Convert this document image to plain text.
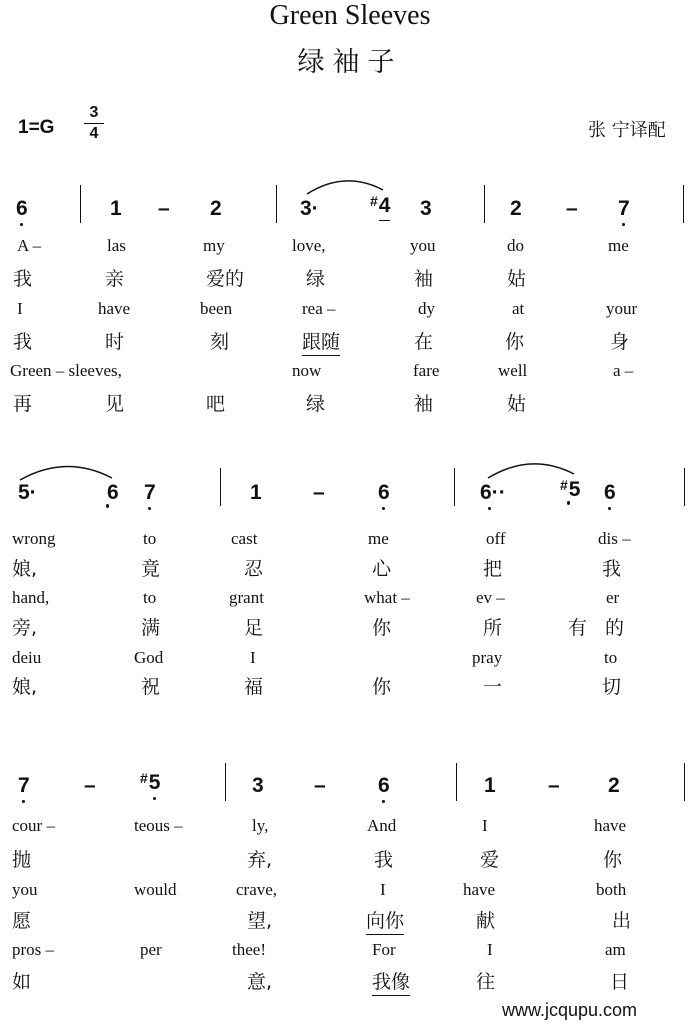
Green Sleeves
绿袖子
1=G
3
4	张 宁译配
6	1 – 2	3·	#4 3	2 – 7
A –	las	my	love,	you	do	me
我	亲	爱的	绿	袖	姑
I	have	been	rea –	dy	at	your
我	时	刻	跟随	在	你	身
Green – sleeves,	now	fare	well	a –
再	见	吧	绿	袖	姑
5·	6 7	1 –	6	6··	#5 6
wrong	to	cast	me	off	dis –
娘,	竟	忍	心	把	我
hand,	to	grant	what –	ev –	er
旁,	满	足	你	所	有的
deiu	God	I	pray	to
娘,	祝	福	你	一	切
7	–	#5	3 – 6	1 – 2
cour –	teous –	ly,	And	I	have
抛	弃,	我	爱	你
you	would	crave,	I	have	both
愿	望,	向你	献	出
pros –	per	thee!	For	I	am
如	意,	我像	往	日
www.jcqupu.com
